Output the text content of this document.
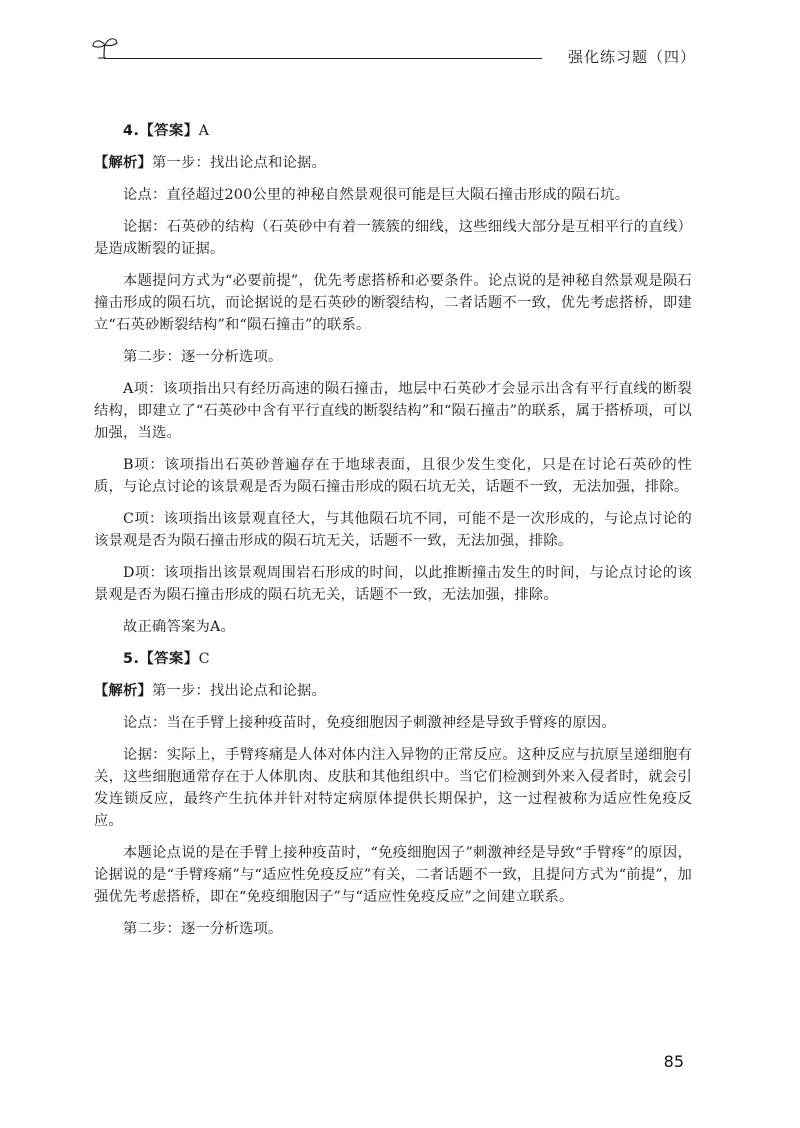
强化练习题（四）

4.【答案】A

【解析】第一步：找出论点和论据。

论点：直径超过200公里的神秘自然景观很可能是巨大陨石撞击形成的陨石坑。

论据：石英砂的结构（石英砂中有着一簇簇的细线，这些细线大部分是互相平行的直线）是造成断裂的证据。

本题提问方式为“必要前提”，优先考虑搭桥和必要条件。论点说的是神秘自然景观是陨石撞击形成的陨石坑，而论据说的是石英砂的断裂结构，二者话题不一致，优先考虑搭桥，即建立“石英砂断裂结构”和“陨石撞击”的联系。

第二步：逐一分析选项。

A项：该项指出只有经历高速的陨石撞击，地层中石英砂才会显示出含有平行直线的断裂结构，即建立了“石英砂中含有平行直线的断裂结构”和“陨石撞击”的联系，属于搭桥项，可以加强，当选。

B项：该项指出石英砂普遍存在于地球表面，且很少发生变化，只是在讨论石英砂的性质，与论点讨论的该景观是否为陨石撞击形成的陨石坑无关，话题不一致，无法加强，排除。

C项：该项指出该景观直径大，与其他陨石坑不同，可能不是一次形成的，与论点讨论的该景观是否为陨石撞击形成的陨石坑无关，话题不一致，无法加强，排除。

D项：该项指出该景观周围岩石形成的时间，以此推断撞击发生的时间，与论点讨论的该景观是否为陨石撞击形成的陨石坑无关，话题不一致，无法加强，排除。

故正确答案为A。

5.【答案】C

【解析】第一步：找出论点和论据。

论点：当在手臂上接种疫苗时，免疫细胞因子刺激神经是导致手臂疼的原因。

论据：实际上，手臂疼痛是人体对体内注入异物的正常反应。这种反应与抗原呈递细胞有关，这些细胞通常存在于人体肌肉、皮肤和其他组织中。当它们检测到外来入侵者时，就会引发连锁反应，最终产生抗体并针对特定病原体提供长期保护，这一过程被称为适应性免疫反应。

本题论点说的是在手臂上接种疫苗时，“免疫细胞因子”刺激神经是导致“手臂疼”的原因，论据说的是“手臂疼痛”与“适应性免疫反应”有关，二者话题不一致，且提问方式为“前提”，加强优先考虑搭桥，即在“免疫细胞因子”与“适应性免疫反应”之间建立联系。

第二步：逐一分析选项。

85
